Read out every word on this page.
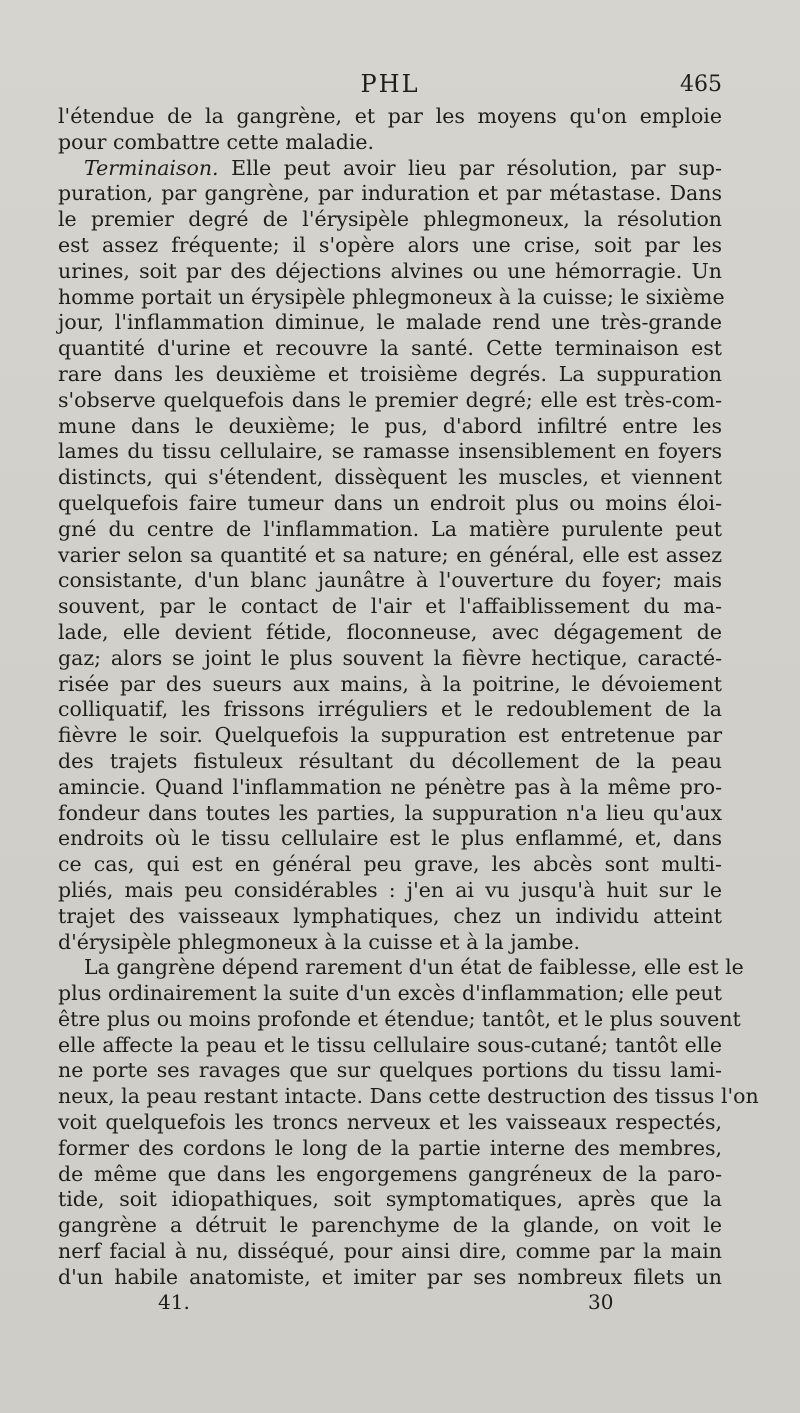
PHL	465
l'étendue de la gangrène, et par les moyens qu'on emploie
pour combattre cette maladie.
Terminaison. Elle peut avoir lieu par résolution, par sup-
puration, par gangrène, par induration et par métastase. Dans
le premier degré de l'érysipèle phlegmoneux, la résolution
est assez fréquente; il s'opère alors une crise, soit par les
urines, soit par des déjections alvines ou une hémorragie. Un
homme portait un érysipèle phlegmoneux à la cuisse; le sixième
jour, l'inflammation diminue, le malade rend une très-grande
quantité d'urine et recouvre la santé. Cette terminaison est
rare dans les deuxième et troisième degrés. La suppuration
s'observe quelquefois dans le premier degré; elle est très-com-
mune dans le deuxième; le pus, d'abord infiltré entre les
lames du tissu cellulaire, se ramasse insensiblement en foyers
distincts, qui s'étendent, dissèquent les muscles, et viennent
quelquefois faire tumeur dans un endroit plus ou moins éloi-
gné du centre de l'inflammation. La matière purulente peut
varier selon sa quantité et sa nature; en général, elle est assez
consistante, d'un blanc jaunâtre à l'ouverture du foyer; mais
souvent, par le contact de l'air et l'affaiblissement du ma-
lade, elle devient fétide, floconneuse, avec dégagement de
gaz; alors se joint le plus souvent la fièvre hectique, caracté-
risée par des sueurs aux mains, à la poitrine, le dévoiement
colliquatif, les frissons irréguliers et le redoublement de la
fièvre le soir. Quelquefois la suppuration est entretenue par
des trajets fistuleux résultant du décollement de la peau
amincie. Quand l'inflammation ne pénètre pas à la même pro-
fondeur dans toutes les parties, la suppuration n'a lieu qu'aux
endroits où le tissu cellulaire est le plus enflammé, et, dans
ce cas, qui est en général peu grave, les abcès sont multi-
pliés, mais peu considérables : j'en ai vu jusqu'à huit sur le
trajet des vaisseaux lymphatiques, chez un individu atteint
d'érysipèle phlegmoneux à la cuisse et à la jambe.
La gangrène dépend rarement d'un état de faiblesse, elle est le
plus ordinairement la suite d'un excès d'inflammation; elle peut
être plus ou moins profonde et étendue; tantôt, et le plus souvent
elle affecte la peau et le tissu cellulaire sous-cutané; tantôt elle
ne porte ses ravages que sur quelques portions du tissu lami-
neux, la peau restant intacte. Dans cette destruction des tissus l'on
voit quelquefois les troncs nerveux et les vaisseaux respectés,
former des cordons le long de la partie interne des membres,
de même que dans les engorgemens gangréneux de la paro-
tide, soit idiopathiques, soit symptomatiques, après que la
gangrène a détruit le parenchyme de la glande, on voit le
nerf facial à nu, disséqué, pour ainsi dire, comme par la main
d'un habile anatomiste, et imiter par ses nombreux filets un
41.	30
